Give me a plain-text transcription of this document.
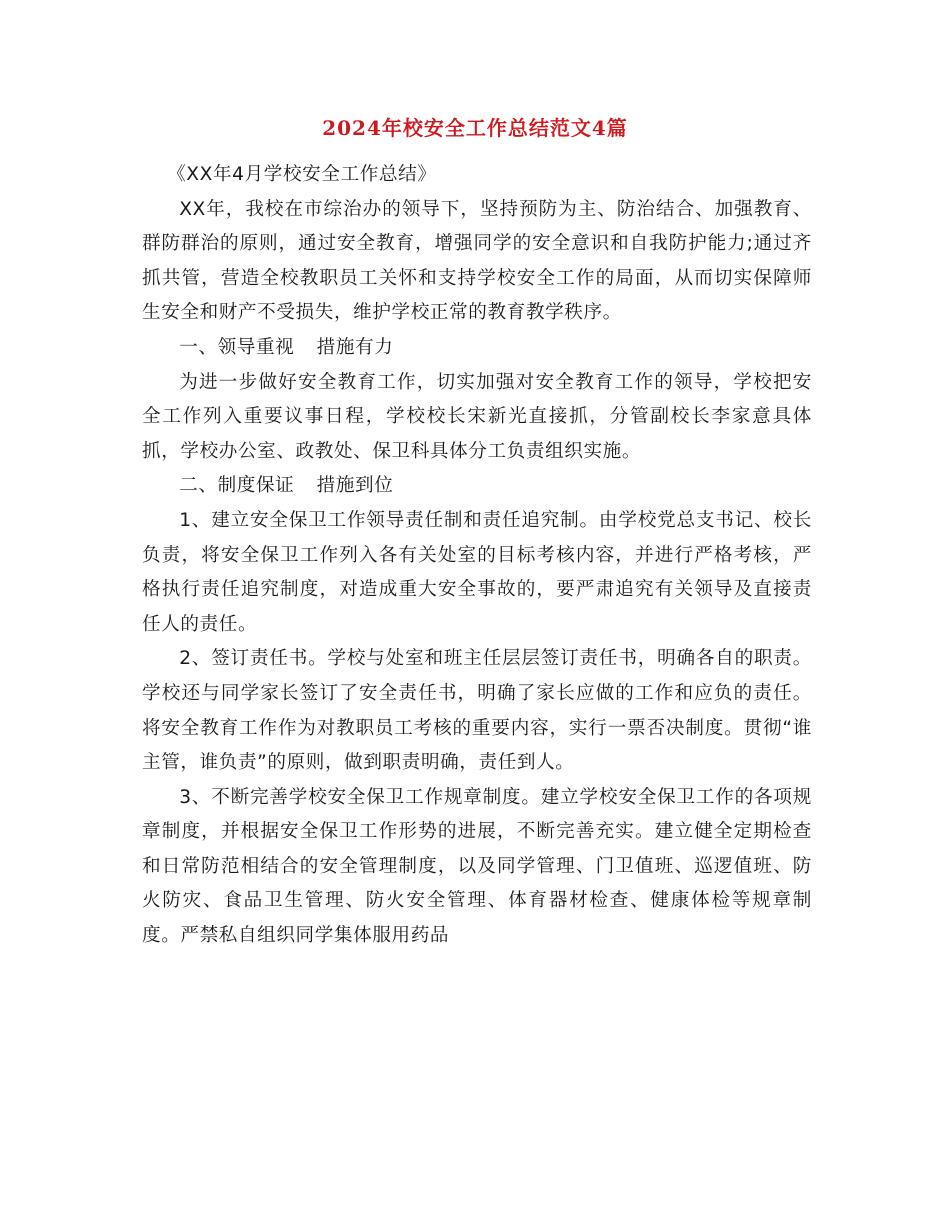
2024年校安全工作总结范文4篇

《XX年4月学校安全工作总结》

XX年，我校在市综治办的领导下，坚持预防为主、防治结合、加强教育、群防群治的原则，通过安全教育，增强同学的安全意识和自我防护能力;通过齐抓共管，营造全校教职员工关怀和支持学校安全工作的局面，从而切实保障师生安全和财产不受损失，维护学校正常的教育教学秩序。

一、领导重视 措施有力

为进一步做好安全教育工作，切实加强对安全教育工作的领导，学校把安全工作列入重要议事日程，学校校长宋新光直接抓，分管副校长李家意具体抓，学校办公室、政教处、保卫科具体分工负责组织实施。

二、制度保证 措施到位

1、建立安全保卫工作领导责任制和责任追究制。由学校党总支书记、校长负责，将安全保卫工作列入各有关处室的目标考核内容，并进行严格考核，严格执行责任追究制度，对造成重大安全事故的，要严肃追究有关领导及直接责任人的责任。

2、签订责任书。学校与处室和班主任层层签订责任书，明确各自的职责。学校还与同学家长签订了安全责任书，明确了家长应做的工作和应负的责任。将安全教育工作作为对教职员工考核的重要内容，实行一票否决制度。贯彻“谁主管，谁负责”的原则，做到职责明确，责任到人。

3、不断完善学校安全保卫工作规章制度。建立学校安全保卫工作的各项规章制度，并根据安全保卫工作形势的进展，不断完善充实。建立健全定期检查和日常防范相结合的安全管理制度，以及同学管理、门卫值班、巡逻值班、防火防灾、食品卫生管理、防火安全管理、体育器材检查、健康体检等规章制度。严禁私自组织同学集体服用药品
